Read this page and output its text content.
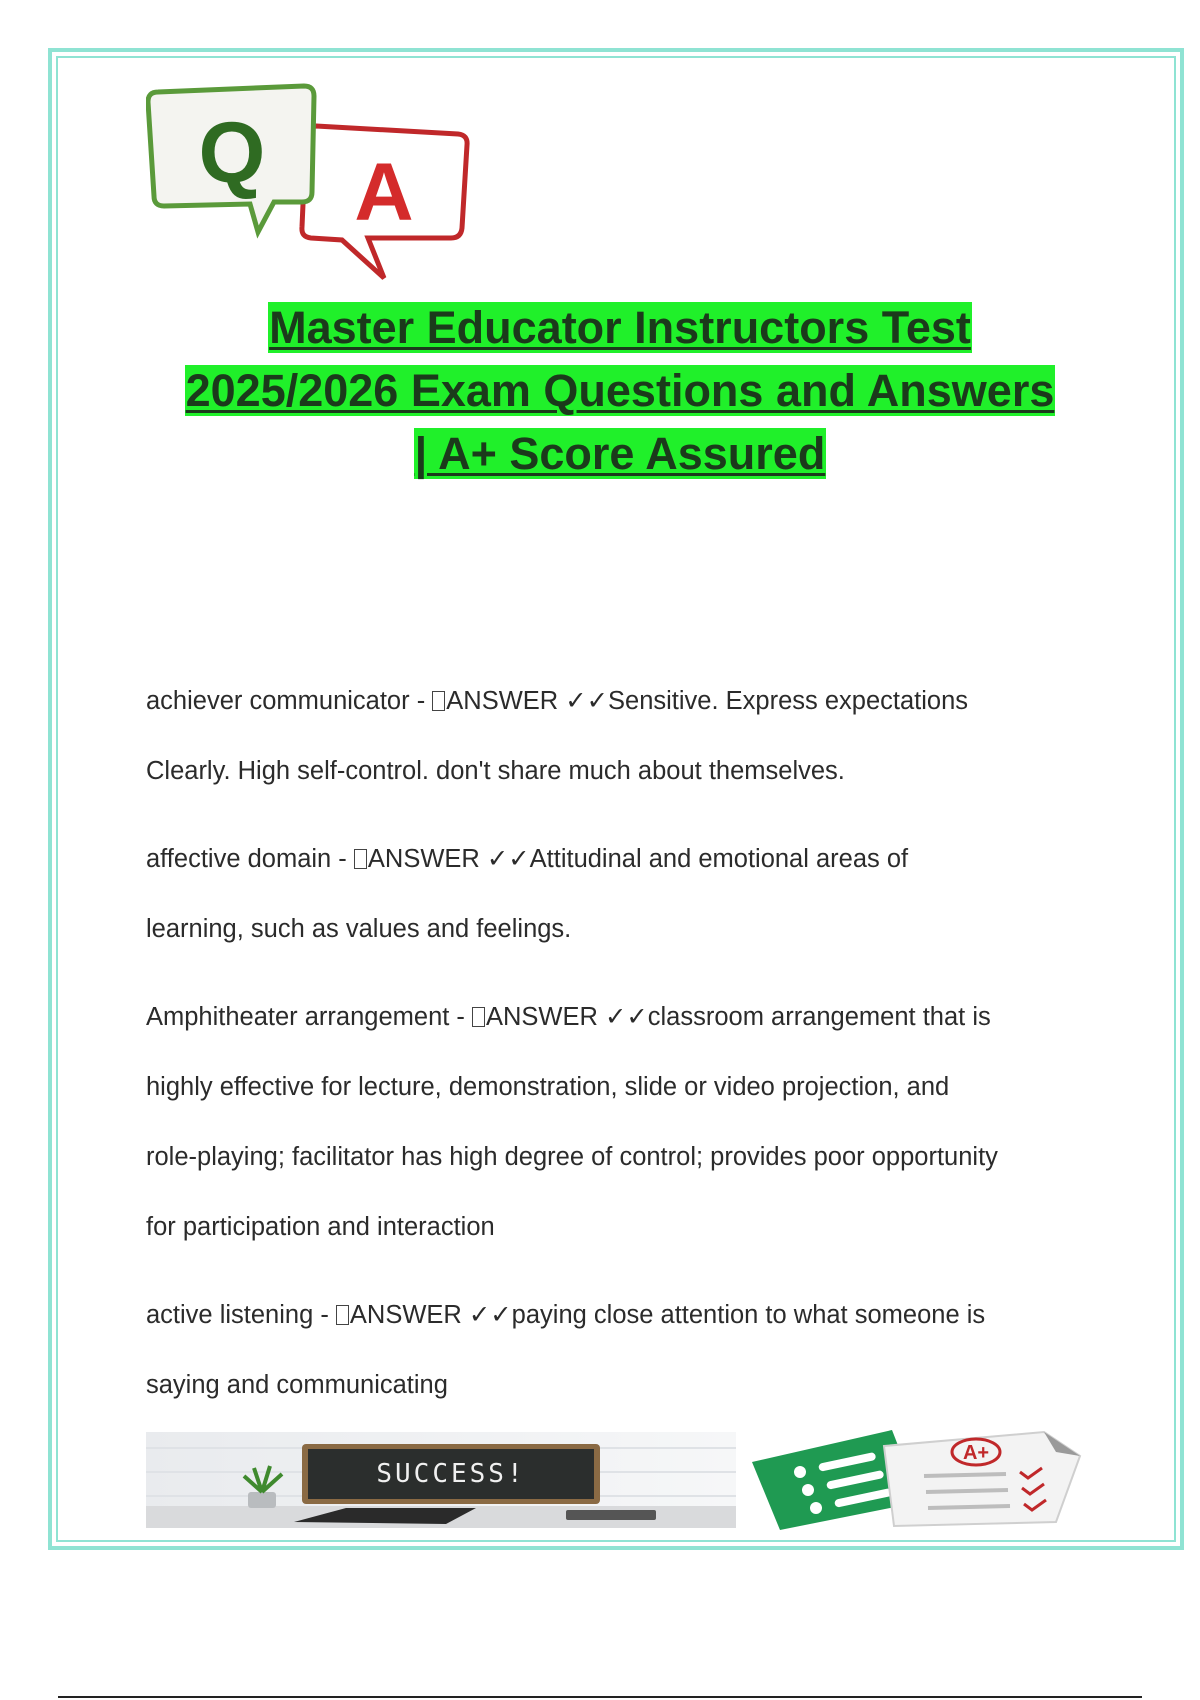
A
Q
Master Educator Instructors Test
2025/2026 Exam Questions and Answers
| A+ Score Assured
achiever communicator - ANSWER ✓✓Sensitive. Express expectations
Clearly. High self-control. don't share much about themselves.
affective domain - ANSWER ✓✓Attitudinal and emotional areas of
learning, such as values and feelings.
Amphitheater arrangement - ANSWER ✓✓classroom arrangement that is
highly effective for lecture, demonstration, slide or video projection, and
role-playing; facilitator has high degree of control; provides poor opportunity
for participation and interaction
active listening - ANSWER ✓✓paying close attention to what someone is
saying and communicating
SUCCESS!
A+
